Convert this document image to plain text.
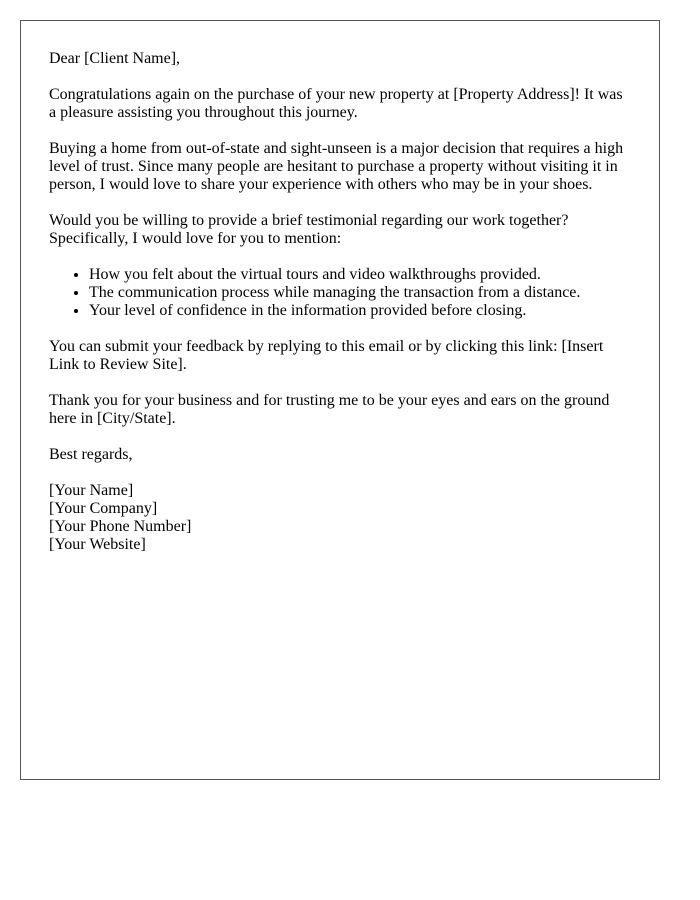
Dear [Client Name],

Congratulations again on the purchase of your new property at [Property Address]! It was a pleasure assisting you throughout this journey.

Buying a home from out-of-state and sight-unseen is a major decision that requires a high level of trust. Since many people are hesitant to purchase a property without visiting it in person, I would love to share your experience with others who may be in your shoes.

Would you be willing to provide a brief testimonial regarding our work together? Specifically, I would love for you to mention:

• How you felt about the virtual tours and video walkthroughs provided.
• The communication process while managing the transaction from a distance.
• Your level of confidence in the information provided before closing.

You can submit your feedback by replying to this email or by clicking this link: [Insert Link to Review Site].

Thank you for your business and for trusting me to be your eyes and ears on the ground here in [City/State].

Best regards,

[Your Name]
[Your Company]
[Your Phone Number]
[Your Website]
